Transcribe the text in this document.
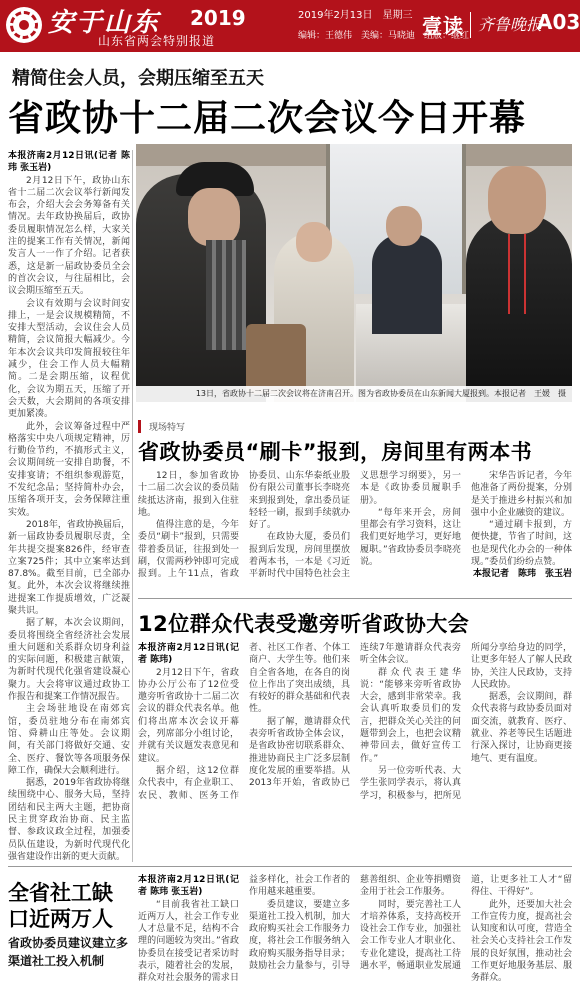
安于山东 2019
山东省两会特别报道
2019年2月13日　星期三
编辑：王德伟　美编：马晓迪　组版：继红
壹读 齐鲁晚报
A03
精简住会人员，会期压缩至五天
省政协十二届二次会议今日开幕
本报济南2月12日讯(记者 陈玮 张玉岩)

2月12日下午，政协山东省十二届二次会议举行新闻发布会，介绍大会会务筹备有关情况。去年政协换届后，政协委员履职情况怎么样，大家关注的提案工作有关情况，新闻发言人一一作了介绍。记者获悉，这是新一届政协委员全会的首次会议，与往届相比，会议会期压缩至五天。

会议有效期与会议时间安排上，一是会议规模精简，不安排大型活动，会议住会人员精简，会议简报大幅减少。今年本次会议共印发简报较往年减少，住会工作人员大幅精简。二是会期压缩，议程优化，会议为期五天，压缩了开会天数，大会期间的各项安排更加紧凑。

此外，会议筹备过程中严格落实中央八项规定精神，厉行勤俭节约，不搞形式主义，会议期间统一安排自助餐，不安排宴请；不组织参观游览，不发纪念品；坚持简朴办会，压缩各项开支，会务保障注重实效。

2018年，省政协换届后，新一届政协委员履职尽责，全年共提交提案826件，经审查立案725件；其中立案率达到87.8%。截至目前，已全部办复。此外，本次会议将继续推进提案工作提质增效，广泛凝聚共识。

据了解，本次会议期间，委员将围绕全省经济社会发展重大问题和关系群众切身利益的实际问题，积极建言献策，为新时代现代化强省建设凝心聚力。大会将审议通过政协工作报告和提案工作情况报告。

主会场驻地设在南郊宾馆，委员驻地分布在南郊宾馆、舜耕山庄等处。会议期间，有关部门将做好交通、安全、医疗、餐饮等各项服务保障工作，确保大会顺利进行。

据悉，2019年省政协将继续围绕中心、服务大局，坚持团结和民主两大主题，把协商民主贯穿政治协商、民主监督、参政议政全过程，加强委员队伍建设，为新时代现代化强省建设作出新的更大贡献。

13日，省政协十二届二次会议将在济南召开。图为省政协委员在山东新闻大厦报到。本报记者　王媛　摄
现场特写
省政协委员“刷卡”报到，房间里有两本书

12日，参加省政协十二届二次会议的委员陆续抵达济南，报到入住驻地。

值得注意的是，今年委员“刷卡”报到，只需要带着委员证，往报到处一刷，仅需两秒钟即可完成报到。上午11点，省政协委员、山东华泰纸业股份有限公司董事长李晓亮来到报到处，拿出委员证轻轻一刷，报到手续就办好了。

在政协大厦，委员们报到后发现，房间里摆放着两本书，一本是《习近平新时代中国特色社会主义思想学习纲要》，另一本是《政协委员履职手册》。

“每年来开会，房间里都会有学习资料，这让我们更好地学习，更好地履职。”省政协委员李晓亮说。

宋华告诉记者，今年他准备了两份提案，分别是关于推进乡村振兴和加强中小企业融资的建议。

“通过刷卡报到，方便快捷，节省了时间，这也是现代化办会的一种体现。”委员们纷纷点赞。

本报记者　陈玮　张玉岩
12位群众代表受邀旁听省政协大会
本报济南2月12日讯(记者 陈玮)

2月12日下午，省政协办公厅公布了12位受邀旁听省政协十二届二次会议的群众代表名单。他们将出席本次会议开幕会，列席部分小组讨论，并就有关议题发表意见和建议。

据介绍，这12位群众代表中，有企业职工、农民、教师、医务工作者、社区工作者、个体工商户、大学生等。他们来自全省各地，在各自的岗位上作出了突出成绩，具有较好的群众基础和代表性。

据了解，邀请群众代表旁听省政协全体会议，是省政协密切联系群众、推进协商民主广泛多层制度化发展的重要举措。从2013年开始，省政协已连续7年邀请群众代表旁听全体会议。

群众代表王建华说：“能够来旁听省政协大会，感到非常荣幸。我会认真听取委员们的发言，把群众关心关注的问题带到会上，也把会议精神带回去，做好宣传工作。”

另一位旁听代表、大学生张同学表示，将认真学习，积极参与，把所见所闻分享给身边的同学，让更多年轻人了解人民政协，关注人民政协，支持人民政协。

据悉，会议期间，群众代表将与政协委员面对面交流，就教育、医疗、就业、养老等民生话题进行深入探讨，让协商更接地气、更有温度。

全省社工缺口近两万人
省政协委员建议建立多渠道社工投入机制
本报济南2月12日讯(记者 陈玮 张玉岩)

“目前我省社工缺口近两万人，社会工作专业人才总量不足，结构不合理的问题较为突出。”省政协委员在接受记者采访时表示，随着社会的发展，群众对社会服务的需求日益多样化，社会工作者的作用越来越重要。

委员建议，要建立多渠道社工投入机制，加大政府购买社会工作服务力度，将社会工作服务纳入政府购买服务指导目录；鼓励社会力量参与，引导慈善组织、企业等捐赠资金用于社会工作服务。

同时，要完善社工人才培养体系，支持高校开设社会工作专业，加强社会工作专业人才职业化、专业化建设，提高社工待遇水平，畅通职业发展通道，让更多社工人才“留得住、干得好”。

此外，还要加大社会工作宣传力度，提高社会认知度和认可度，营造全社会关心支持社会工作发展的良好氛围，推动社会工作更好地服务基层、服务群众。
